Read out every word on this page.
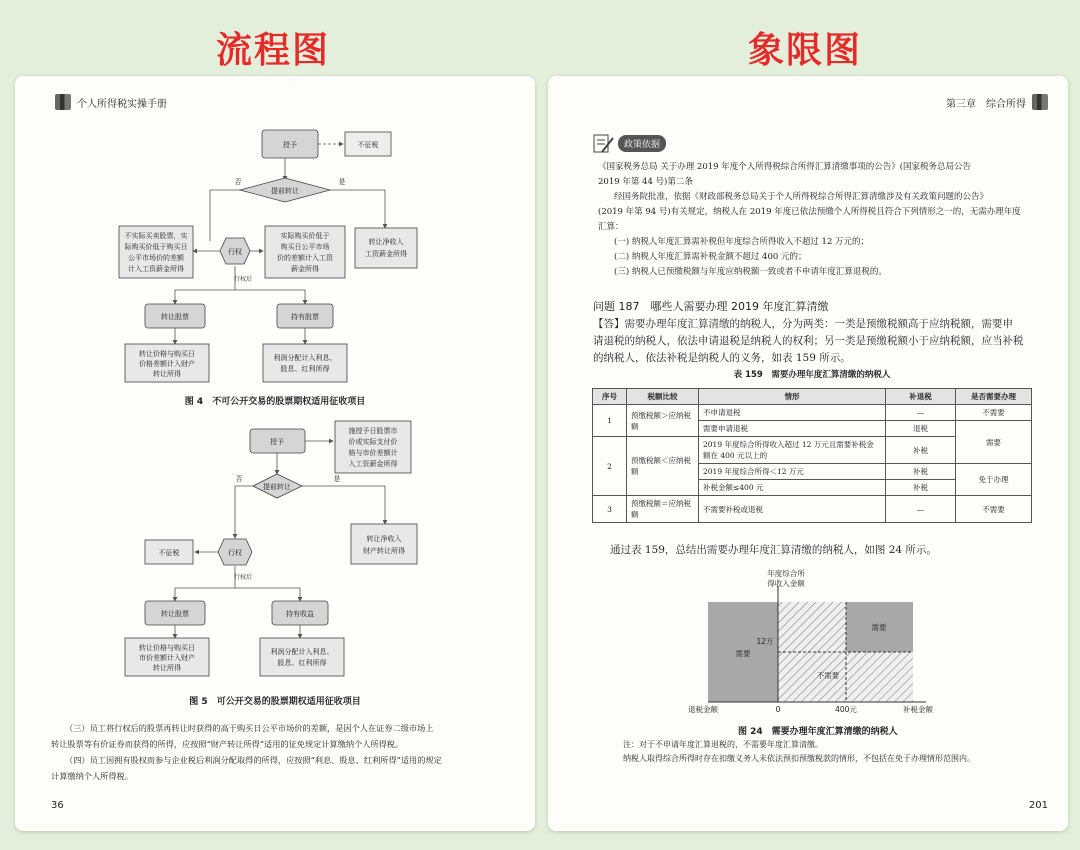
流程图	象限图
个人所得税实操手册
授予	不征税
提前转让
否	是
行权
不实际买卖股票，实
际购买价低于购买日
公平市场价的差额
计入工资薪金所得
实际购买价低于
购买日公平市场
价的差额计入工资
薪金所得
转让净收入
工资薪金所得
行权后
转让股票	持有股票
转让价格与购买日
价格差额计入财产
转让所得
利润分配计入利息、
股息、红利所得
授予
施授予日股票市
价或实际支付价
格与市价差额计
入工资薪金所得
提前转让
否	是
转让净收入
财产转让所得
行权
不征税
行权后
转让股票	持有收益
转让价格与购买日
市价差额计入财产
转让所得
利润分配计入利息、
股息、红利所得
图 4　不可公开交易的股票期权适用征收项目
图 5　可公开交易的股票期权适用征收项目
（三）员工将行权后的股票再转让时获得的高于购买日公平市场价的差额，是因个人在证券二级市场上
转让股票等有价证券而获得的所得，应按照“财产转让所得”适用的征免规定计算缴纳个人所得税。
（四）员工因拥有股权而参与企业税后利润分配取得的所得，应按照“利息、股息、红利所得”适用的规定
计算缴纳个人所得税。
36
第三章　综合所得
政策依据
《国家税务总局 关于办理 2019 年度个人所得税综合所得汇算清缴事项的公告》(国家税务总局公告
2019 年第 44 号)第二条
经国务院批准，依据《财政部税务总局关于个人所得税综合所得汇算清缴涉及有关政策问题的公告》
(2019 年第 94 号)有关规定，纳税人在 2019 年度已依法预缴个人所得税且符合下列情形之一的，无需办理年度
汇算：
(一) 纳税人年度汇算需补税但年度综合所得收入不超过 12 万元的；
(二) 纳税人年度汇算需补税金额不超过 400 元的；
(三) 纳税人已预缴税额与年度应纳税额一致或者不申请年度汇算退税的。
问题 187　哪些人需要办理 2019 年度汇算清缴
【答】需要办理年度汇算清缴的纳税人，分为两类：一类是预缴税额高于应纳税额，需要申
请退税的纳税人，依法申请退税是纳税人的权利；另一类是预缴税额小于应纳税额，应当补税
的纳税人，依法补税是纳税人的义务，如表 159 所示。
表 159　需要办理年度汇算清缴的纳税人
序号	税额比较	情形	补退税	是否需要办理
1	预缴税额＞应纳税额	不申请退税	—	不需要
		需要申请退税	退税	需要
2	预缴税额＜应纳税额	2019 年度综合所得收入超过 12 万元且需要补税金额在 400 元以上的	补税	
		2019 年度综合所得＜12 万元	补税	免于办理
		补税金额≤400 元	补税	
3	预缴税额＝应纳税额	不需要补税或退税	—	不需要
通过表 159，总结出需要办理年度汇算清缴的纳税人，如图 24 所示。
年度综合所
得收入金额
12万
400元
0
退税金额	补税金额
需要
需要
不需要
图 24　需要办理年度汇算清缴的纳税人
注：对于不申请年度汇算退税的，不需要年度汇算清缴。
纳税人取得综合所得时存在扣缴义务人未依法预扣预缴税款的情形，不包括在免于办理情形范围内。
201
